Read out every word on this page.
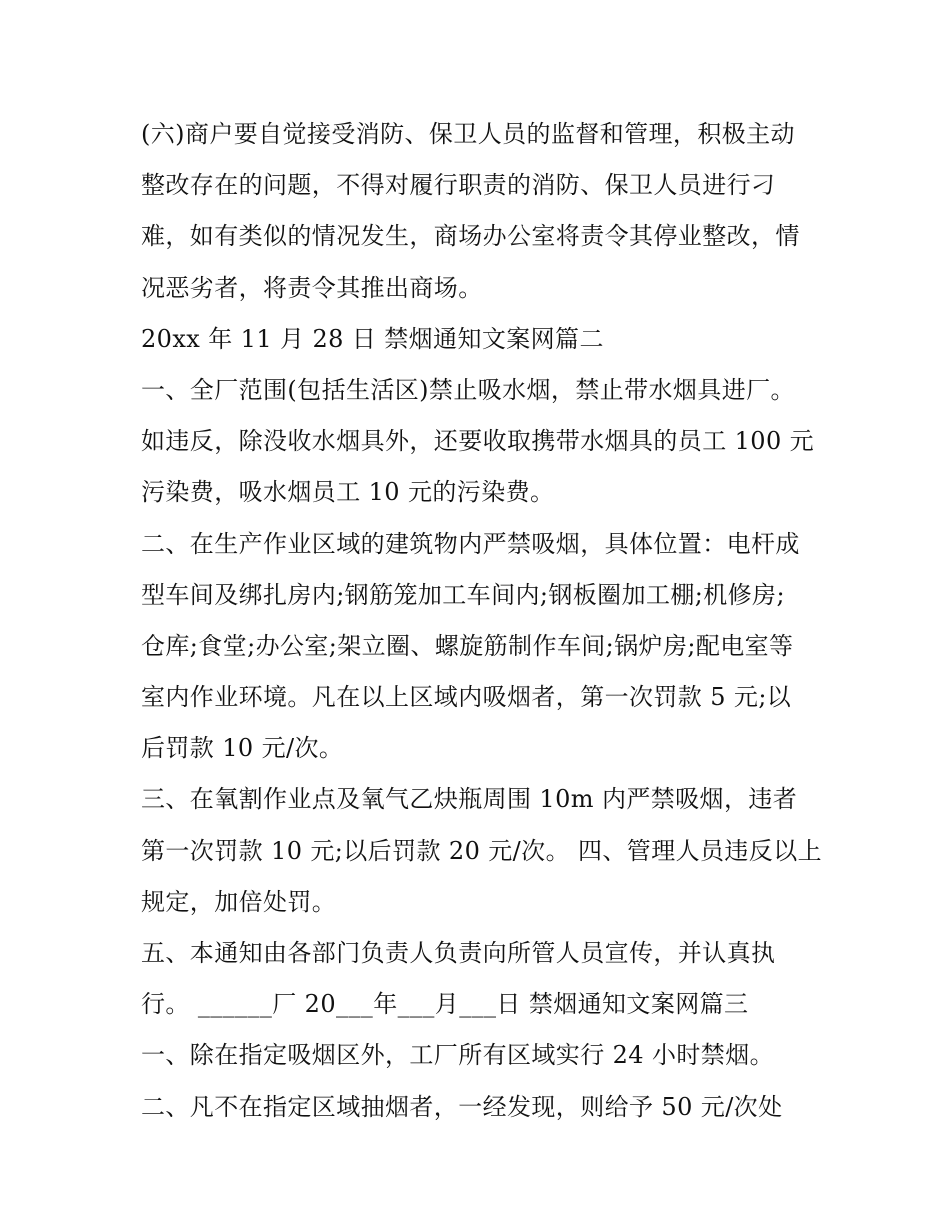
(六)商户要自觉接受消防、保卫人员的监督和管理，积极主动
整改存在的问题，不得对履行职责的消防、保卫人员进行刁
难，如有类似的情况发生，商场办公室将责令其停业整改，情
况恶劣者，将责令其推出商场。
20xx 年 11 月 28 日 禁烟通知文案网篇二
一、全厂范围(包括生活区)禁止吸水烟，禁止带水烟具进厂。
如违反，除没收水烟具外，还要收取携带水烟具的员工 100 元
污染费，吸水烟员工 10 元的污染费。
二、在生产作业区域的建筑物内严禁吸烟，具体位置：电杆成
型车间及绑扎房内;钢筋笼加工车间内;钢板圈加工棚;机修房;
仓库;食堂;办公室;架立圈、螺旋筋制作车间;锅炉房;配电室等
室内作业环境。凡在以上区域内吸烟者，第一次罚款 5 元;以
后罚款 10 元/次。
三、在氧割作业点及氧气乙炔瓶周围 10m 内严禁吸烟，违者
第一次罚款 10 元;以后罚款 20 元/次。 四、管理人员违反以上
规定，加倍处罚。
五、本通知由各部门负责人负责向所管人员宣传，并认真执
行。 ______厂 20___年___月___日 禁烟通知文案网篇三
一、除在指定吸烟区外，工厂所有区域实行 24 小时禁烟。
二、凡不在指定区域抽烟者，一经发现，则给予 50 元/次处
